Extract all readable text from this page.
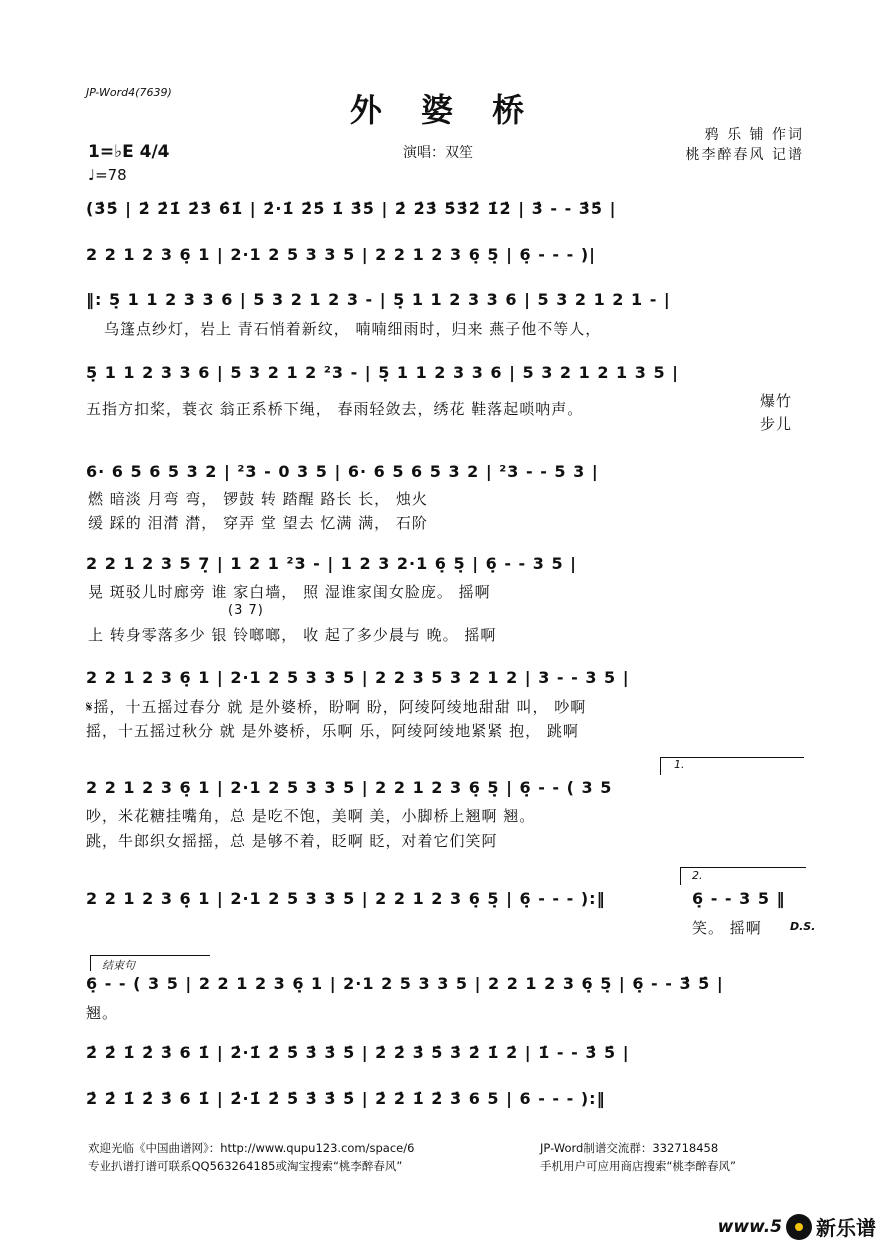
JP-Word4(7639)	外 婆 桥
鸦 乐 铺 作词
桃李醉春风 记谱
演唱：双笙
1=♭E 4/4
♩=78
(3̇5̇ | 2̇ 2̇1̇ 2̇3̇ 6̇1̇ | 2̇·1̇ 2̇5̇ 1̇ 3̇5̇ | 2̇ 2̇3̇ 5̇3̇2̇ 1̇2̇ | 3̇ - - 3̇5̇ |
2 2 1 2 3 6̣ 1 | 2·1 2 5 3 3 5 | 2 2 1 2 3 6̣ 5̣ | 6̣ - - - )|
‖: 5̣ 1 1 2 3 3 6 | 5 3 2 1 2 3 - | 5̣ 1 1 2 3 3 6 | 5 3 2 1 2 1 - |
乌篷点纱灯，岩上 青石悄着新纹， 喃喃细雨时，归来 燕子他不等人，
5̣ 1 1 2 3 3 6 | 5 3 2 1 2 ²3 - | 5̣ 1 1 2 3 3 6 | 5 3 2 1 2 1 3 5 |
五指方扣桨，蓑衣 翁正系桥下绳， 春雨轻敛去，绣花 鞋落起唢呐声。	爆竹
步儿
6· 6 5 6 5 3 2 | ²3 - 0 3 5 | 6· 6 5 6 5 3 2 | ²3 - - 5 3 |
燃 暗淡 月弯 弯， 锣鼓 转 踏醒 路长 长， 烛火
缓 踩的 泪潸 潸， 穿弄 堂 望去 忆满 满， 石阶
2 2 1 2 3 5 7̣ | 1 2 1 ²3 - | 1 2 3 2·1 6̣ 5̣ | 6̣ - - 3 5 |
晃 斑驳儿时廊旁 谁 家白墙， 照 湿谁家闺女脸庞。 摇啊
(3 7)
上 转身零落多少 银 铃啷啷， 收 起了多少晨与 晚。 摇啊
2 2 1 2 3 6̣ 1 | 2·1 2 5 3 3 5 | 2 2 3 5 3 2 1 2 | 3 - - 3 5 |
𝄋摇，十五摇过春分 就 是外婆桥，盼啊 盼，阿绫阿绫地甜甜 叫， 吵啊
摇，十五摇过秋分 就 是外婆桥，乐啊 乐，阿绫阿绫地紧紧 抱， 跳啊
1.
2 2 1 2 3 6̣ 1 | 2·1 2 5 3 3 5 | 2 2 1 2 3 6̣ 5̣ | 6̣ - - ( 3 5
吵，米花糖挂嘴角，总 是吃不饱，美啊 美，小脚桥上翘啊 翘。
跳，牛郎织女摇摇，总 是够不着，眨啊 眨，对着它们笑阿
2.
2 2 1 2 3 6̣ 1 | 2·1 2 5 3 3 5 | 2 2 1 2 3 6̣ 5̣ | 6̣ - - - ):‖	6̣ - - 3 5 ‖
笑。 摇啊	D.S.
结束句
6̣ - - ( 3 5 | 2 2 1 2 3 6̣ 1 | 2·1 2 5 3 3 5 | 2 2 1 2 3 6̣ 5̣ | 6̣ - - 3̇ 5̇ |
翘。
2̇ 2̇ 1̇ 2̇ 3̇ 6 1̇ | 2̇·1̇ 2̇ 5̇ 3̇ 3̇ 5̇ | 2̇ 2̇ 3̇ 5̇ 3̇ 2̇ 1̇ 2̇ | 1̇ - - 3̇ 5̇ |
2̇ 2̇ 1̇ 2̇ 3̇ 6 1̇ | 2̇·1̇ 2̇ 5̇ 3̇ 3̇ 5̇ | 2̇ 2̇ 1̇ 2̇ 3̇ 6 5 | 6 - - - ):‖
欢迎光临《中国曲谱网》：http://www.qupu123.com/space/6
专业扒谱打谱可联系QQ563264185或淘宝搜索“桃李醉春风”
JP-Word制谱交流群：332718458
手机用户可应用商店搜索“桃李醉春风”
www.5 新乐谱
